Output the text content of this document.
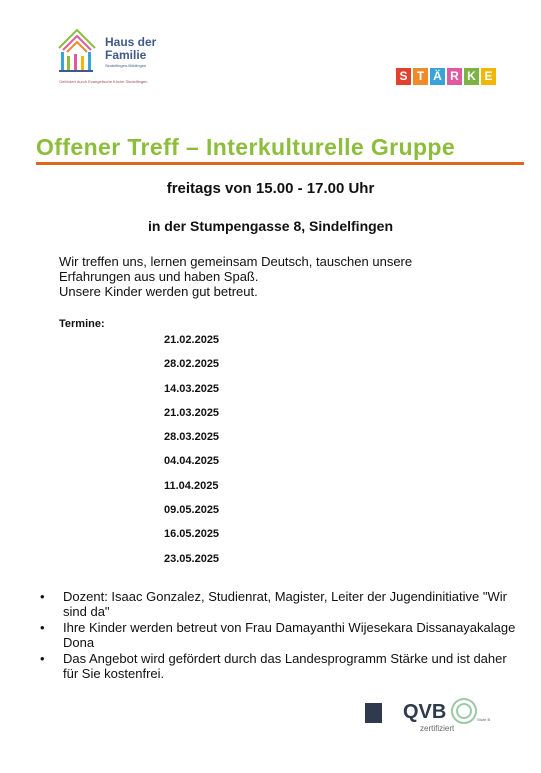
Haus der
Familie
Sindelfingen-Böblingen
Gefördert durch Evangelische Kirche Sindelfingen	S T Ä R K E
Offener Treff – Interkulturelle Gruppe
freitags von 15.00 - 17.00 Uhr
in der Stumpengasse 8, Sindelfingen
Wir treffen uns, lernen gemeinsam Deutsch, tauschen unsere
Erfahrungen aus und haben Spaß.
Unsere Kinder werden gut betreut.
Termine:
21.02.2025
28.02.2025
14.03.2025
21.03.2025
28.03.2025
04.04.2025
11.04.2025
09.05.2025
16.05.2025
23.05.2025
• Dozent: Isaac Gonzalez, Studienrat, Magister, Leiter der Jugendinitiative "Wir sind da"
• Ihre Kinder werden betreut von Frau Damayanthi Wijesekara Dissanayakalage Dona
• Das Angebot wird gefördert durch das Landesprogramm Stärke und ist daher für Sie kostenfrei.
QVB
zertifiziert
Stufe B
